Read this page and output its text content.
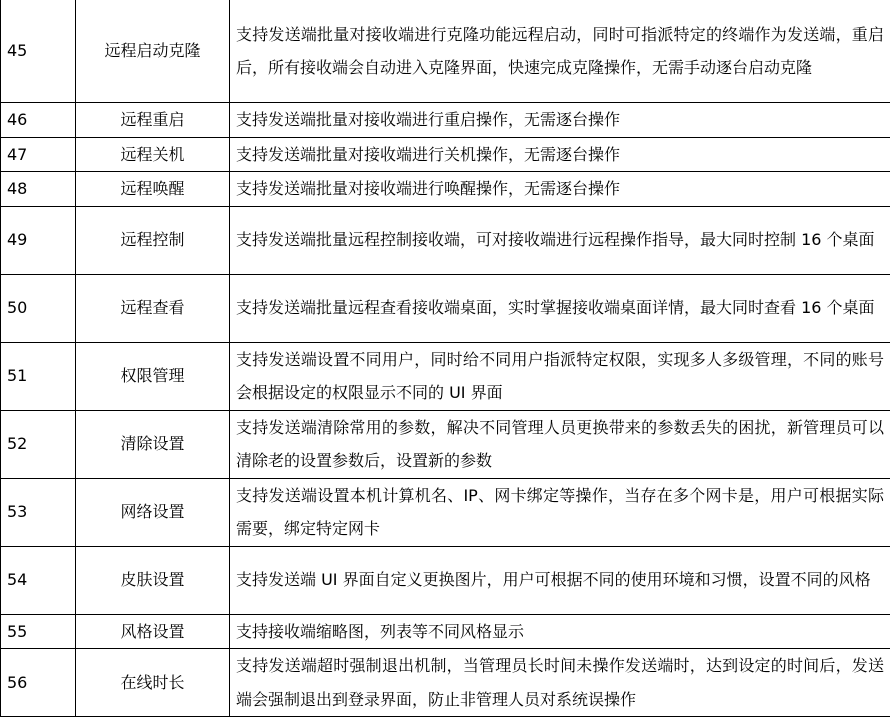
45	远程启动克隆	支持发送端批量对接收端进行克隆功能远程启动，同时可指派特定的终端作为发送端，重启后，所有接收端会自动进入克隆界面，快速完成克隆操作，无需手动逐台启动克隆
46	远程重启	支持发送端批量对接收端进行重启操作，无需逐台操作
47	远程关机	支持发送端批量对接收端进行关机操作，无需逐台操作
48	远程唤醒	支持发送端批量对接收端进行唤醒操作，无需逐台操作
49	远程控制	支持发送端批量远程控制接收端，可对接收端进行远程操作指导，最大同时控制 16 个桌面
50	远程查看	支持发送端批量远程查看接收端桌面，实时掌握接收端桌面详情，最大同时查看 16 个桌面
51	权限管理	支持发送端设置不同用户，同时给不同用户指派特定权限，实现多人多级管理，不同的账号会根据设定的权限显示不同的 UI 界面
52	清除设置	支持发送端清除常用的参数，解决不同管理人员更换带来的参数丢失的困扰，新管理员可以清除老的设置参数后，设置新的参数
53	网络设置	支持发送端设置本机计算机名、IP、网卡绑定等操作，当存在多个网卡是，用户可根据实际需要，绑定特定网卡
54	皮肤设置	支持发送端 UI 界面自定义更换图片，用户可根据不同的使用环境和习惯，设置不同的风格
55	风格设置	支持接收端缩略图，列表等不同风格显示
56	在线时长	支持发送端超时强制退出机制，当管理员长时间未操作发送端时，达到设定的时间后，发送端会强制退出到登录界面，防止非管理人员对系统误操作
